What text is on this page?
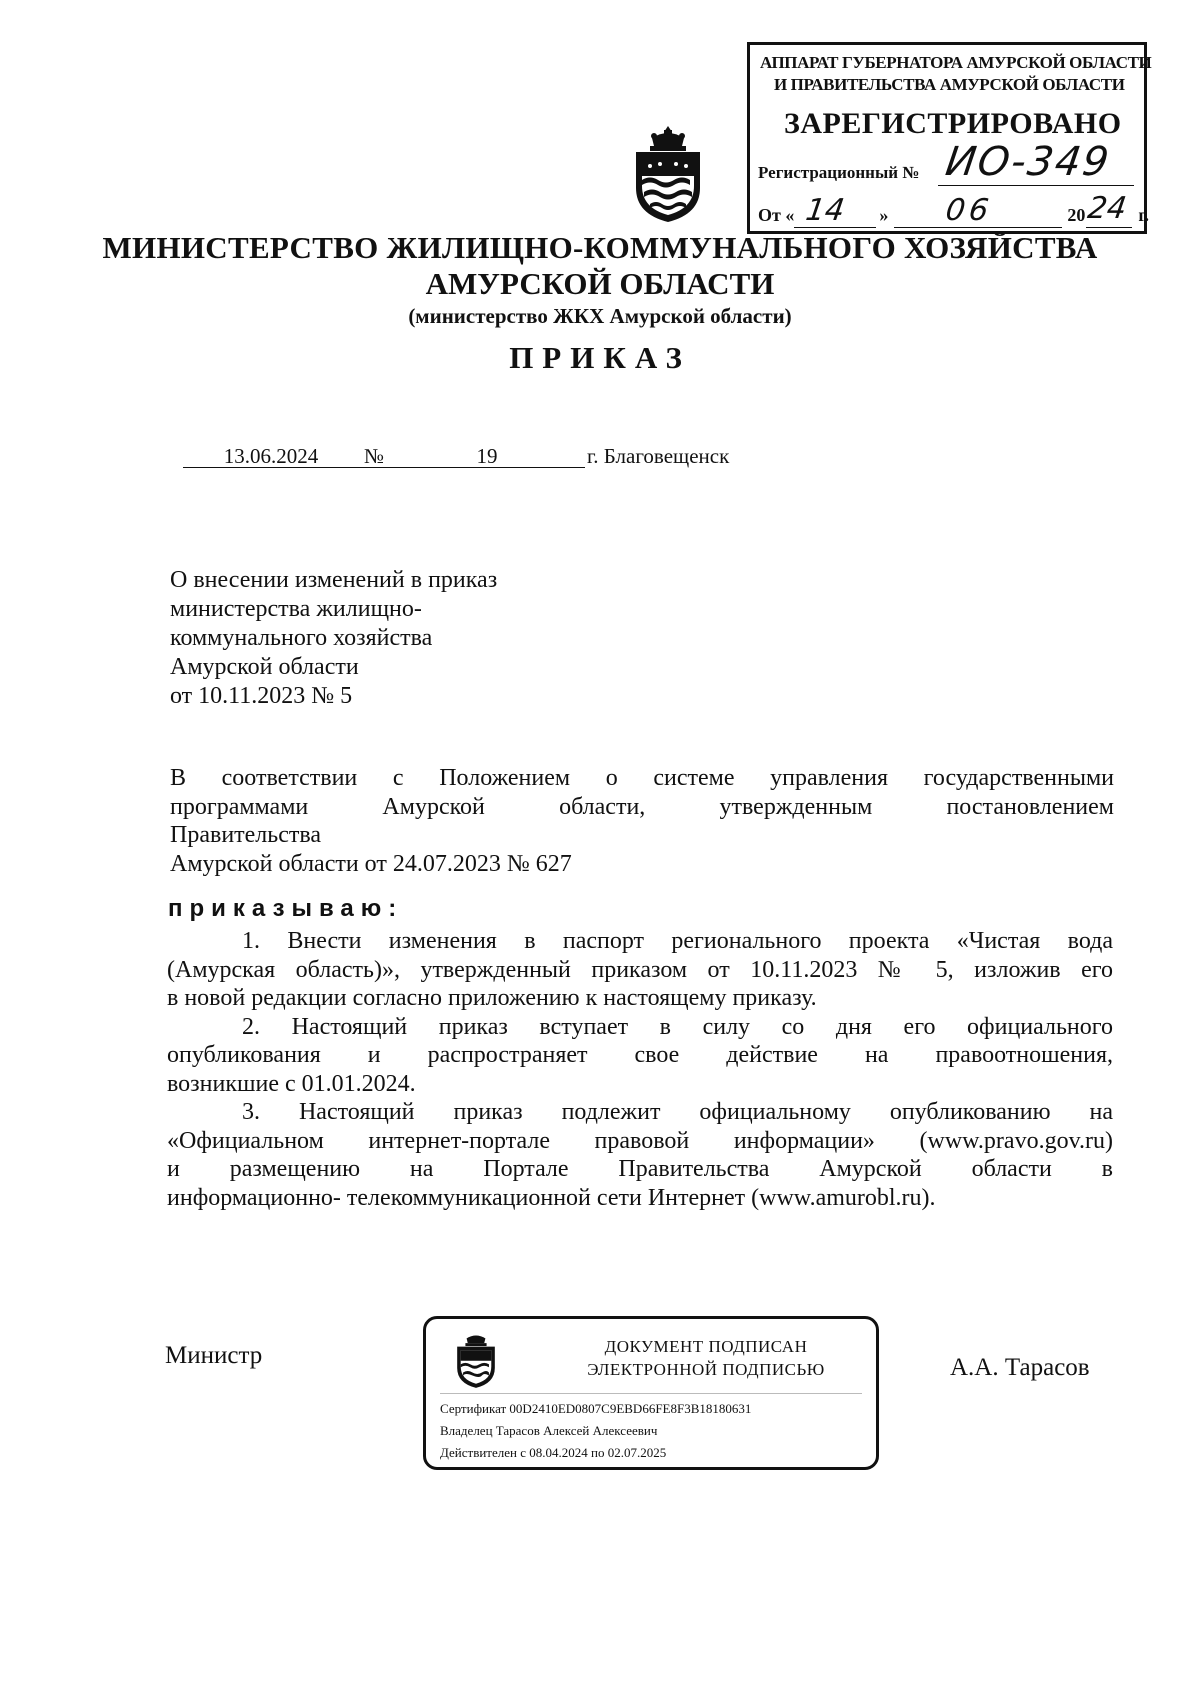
АППАРАТ ГУБЕРНАТОРА АМУРСКОЙ ОБЛАСТИ
И ПРАВИТЕЛЬСТВА АМУРСКОЙ ОБЛАСТИ
ЗАРЕГИСТРИРОВАНО
Регистрационный № ИО-349
От «	»	20	г.
14	06	24
МИНИСТЕРСТВО ЖИЛИЩНО-КОММУНАЛЬНОГО ХОЗЯЙСТВА
АМУРСКОЙ ОБЛАСТИ
(министерство ЖКХ Амурской области)
ПРИКАЗ
13.06.2024 №	19	г. Благовещенск
О внесении изменений в приказ
министерства жилищно-
коммунального хозяйства
Амурской области
от 10.11.2023 № 5
В соответствии с Положением о системе управления государственными
программами Амурской области, утвержденным постановлением
Правительства
Амурской области от 24.07.2023 № 627
приказываю:
1. Внести изменения в паспорт регионального проекта «Чистая вода
(Амурская область)», утвержденный приказом от 10.11.2023 № 5, изложив его
в новой редакции согласно приложению к настоящему приказу.
2. Настоящий приказ вступает в силу со дня его официального
опубликования и распространяет свое действие на правоотношения,
возникшие с 01.01.2024.
3. Настоящий приказ подлежит официальному опубликованию на
«Официальном интернет-портале правовой информации» (www.pravo.gov.ru)
и размещению на Портале Правительства Амурской области в
информационно- телекоммуникационной сети Интернет (www.amurobl.ru).
Министр	ДОКУМЕНТ ПОДПИСАН
ЭЛЕКТРОННОЙ ПОДПИСЬЮ
Сертификат 00D2410ED0807C9EBD66FE8F3B18180631
Владелец Тарасов Алексей Алексеевич
Действителен с 08.04.2024 по 02.07.2025
А.А. Тарасов
